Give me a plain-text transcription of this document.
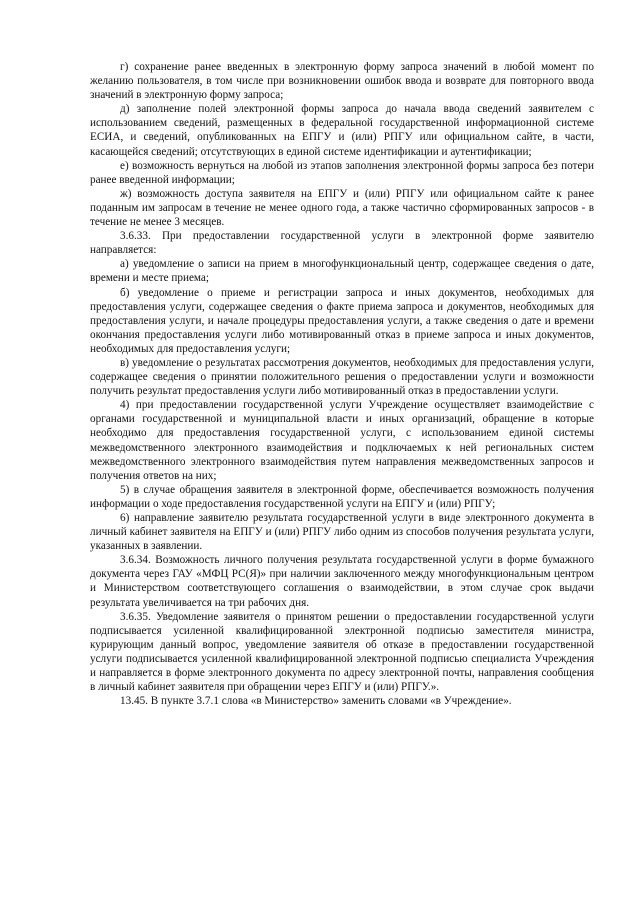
г) сохранение ранее введенных в электронную форму запроса значений в любой момент по желанию пользователя, в том числе при возникновении ошибок ввода и возврате для повторного ввода значений в электронную форму запроса;

д) заполнение полей электронной формы запроса до начала ввода сведений заявителем с использованием сведений, размещенных в федеральной государственной информационной системе ЕСИА, и сведений, опубликованных на ЕПГУ и (или) РПГУ или официальном сайте, в части, касающейся сведений; отсутствующих в единой системе идентификации и аутентификации;

е) возможность вернуться на любой из этапов заполнения электронной формы запроса без потери ранее введенной информации;

ж) возможность доступа заявителя на ЕПГУ и (или) РПГУ или официальном сайте к ранее поданным им запросам в течение не менее одного года, а также частично сформированных запросов - в течение не менее 3 месяцев.

3.6.33. При предоставлении государственной услуги в электронной форме заявителю направляется:

а) уведомление о записи на прием в многофункциональный центр, содержащее сведения о дате, времени и месте приема;

б) уведомление о приеме и регистрации запроса и иных документов, необходимых для предоставления услуги, содержащее сведения о факте приема запроса и документов, необходимых для предоставления услуги, и начале процедуры предоставления услуги, а также сведения о дате и времени окончания предоставления услуги либо мотивированный отказ в приеме запроса и иных документов, необходимых для предоставления услуги;

в) уведомление о результатах рассмотрения документов, необходимых для предоставления услуги, содержащее сведения о принятии положительного решения о предоставлении услуги и возможности получить результат предоставления услуги либо мотивированный отказ в предоставлении услуги.

4) при предоставлении государственной услуги Учреждение осуществляет взаимодействие с органами государственной и муниципальной власти и иных организаций, обращение в которые необходимо для предоставления государственной услуги, с использованием единой системы межведомственного электронного взаимодействия и подключаемых к ней региональных систем межведомственного электронного взаимодействия путем направления межведомственных запросов и получения ответов на них;

5) в случае обращения заявителя в электронной форме, обеспечивается возможность получения информации о ходе предоставления государственной услуги на ЕПГУ и (или) РПГУ;

6) направление заявителю результата государственной услуги в виде электронного документа в личный кабинет заявителя на ЕПГУ и (или) РПГУ либо одним из способов получения результата услуги, указанных в заявлении.

3.6.34. Возможность личного получения результата государственной услуги в форме бумажного документа через ГАУ «МФЦ РС(Я)» при наличии заключенного между многофункциональным центром и Министерством соответствующего соглашения о взаимодействии, в этом случае срок выдачи результата увеличивается на три рабочих дня.

3.6.35. Уведомление заявителя о принятом решении о предоставлении государственной услуги подписывается усиленной квалифицированной электронной подписью заместителя министра, курирующим данный вопрос, уведомление заявителя об отказе в предоставлении государственной услуги подписывается усиленной квалифицированной электронной подписью специалиста Учреждения и направляется в форме электронного документа по адресу электронной почты, направления сообщения в личный кабинет заявителя при обращении через ЕПГУ и (или) РПГУ.».

13.45. В пункте 3.7.1 слова «в Министерство» заменить словами «в Учреждение».
